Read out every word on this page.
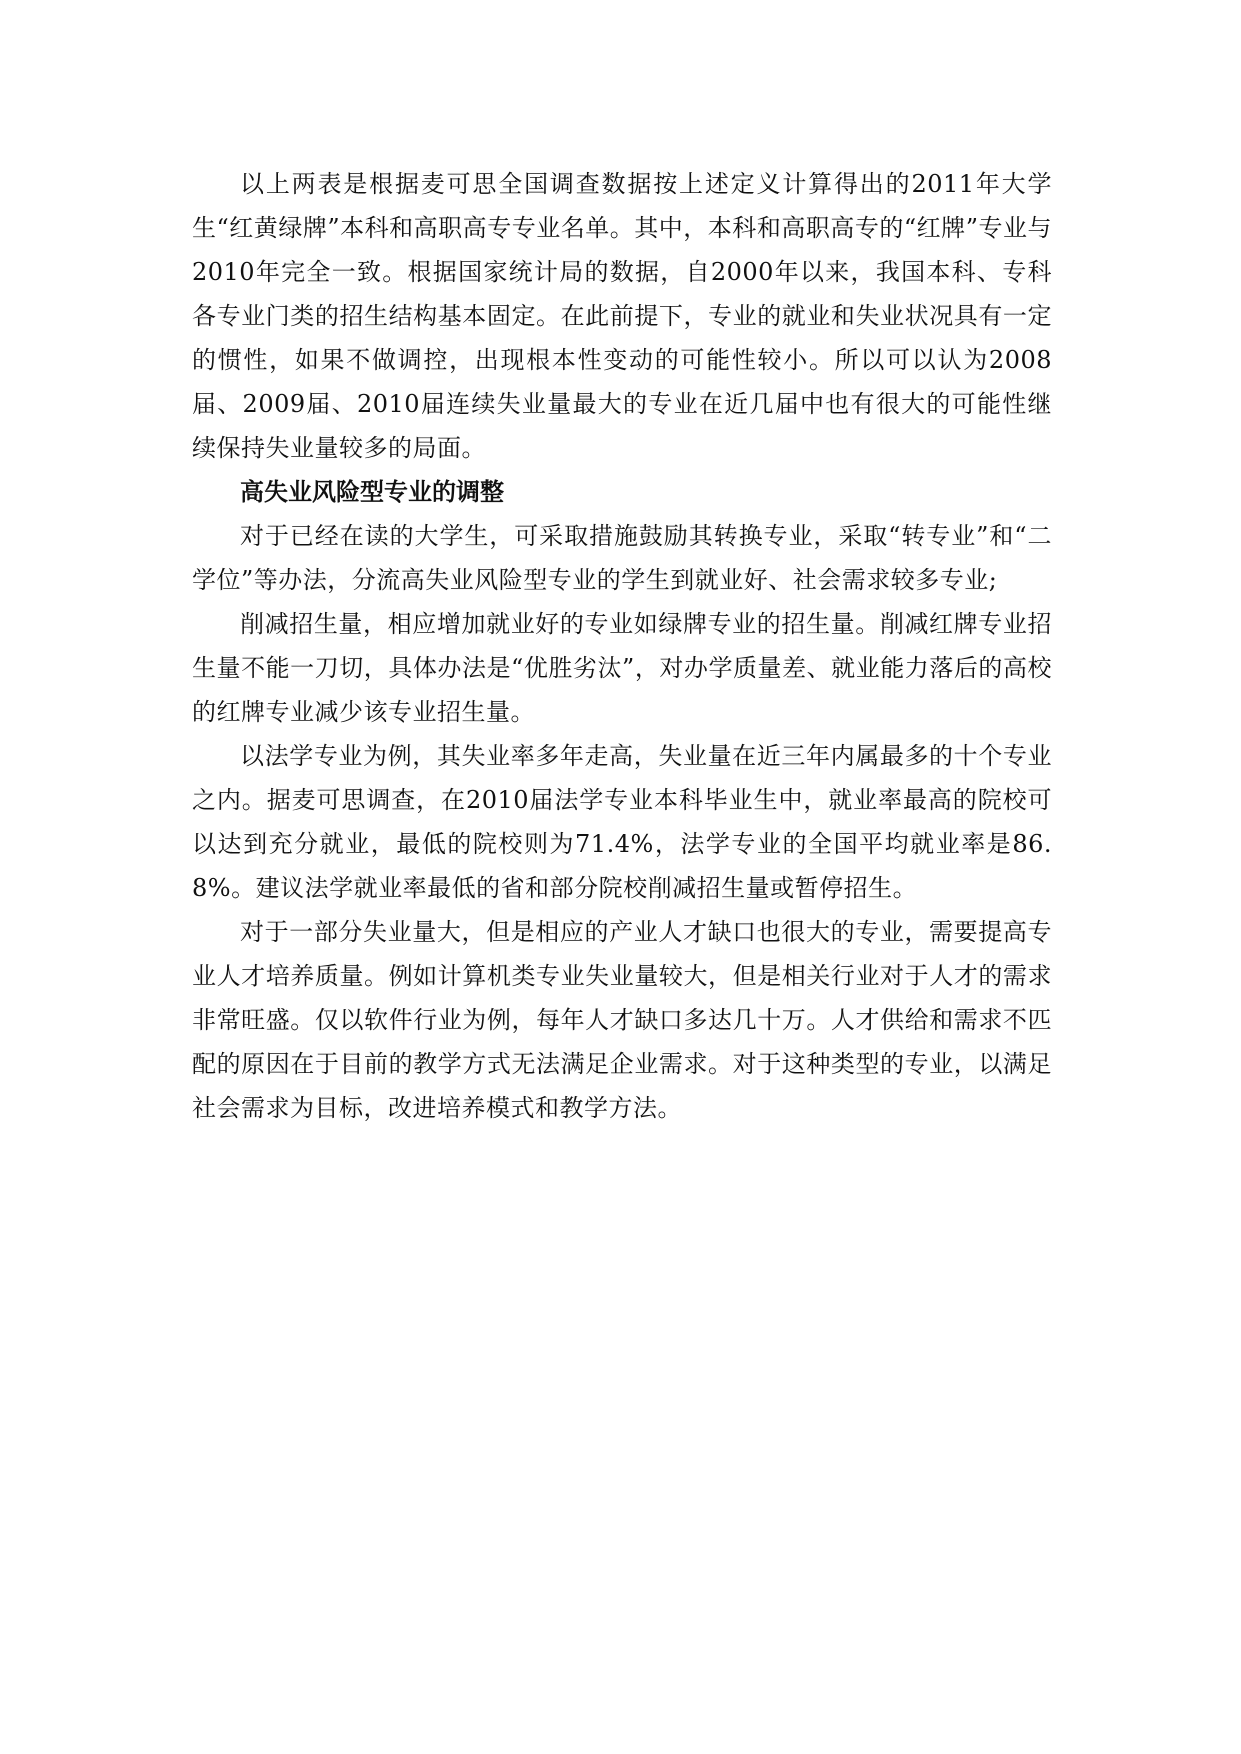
以上两表是根据麦可思全国调查数据按上述定义计算得出的2011年大学生“红黄绿牌”本科和高职高专专业名单。其中，本科和高职高专的“红牌”专业与2010年完全一致。根据国家统计局的数据，自2000年以来，我国本科、专科各专业门类的招生结构基本固定。在此前提下，专业的就业和失业状况具有一定的惯性，如果不做调控，出现根本性变动的可能性较小。所以可以认为2008届、2009届、2010届连续失业量最大的专业在近几届中也有很大的可能性继续保持失业量较多的局面。

高失业风险型专业的调整

对于已经在读的大学生，可采取措施鼓励其转换专业，采取“转专业”和“二学位”等办法，分流高失业风险型专业的学生到就业好、社会需求较多专业;

削减招生量，相应增加就业好的专业如绿牌专业的招生量。削减红牌专业招生量不能一刀切，具体办法是“优胜劣汰”，对办学质量差、就业能力落后的高校的红牌专业减少该专业招生量。

以法学专业为例，其失业率多年走高，失业量在近三年内属最多的十个专业之内。据麦可思调查，在2010届法学专业本科毕业生中，就业率最高的院校可以达到充分就业，最低的院校则为71.4%，法学专业的全国平均就业率是86.8%。建议法学就业率最低的省和部分院校削减招生量或暂停招生。

对于一部分失业量大，但是相应的产业人才缺口也很大的专业，需要提高专业人才培养质量。例如计算机类专业失业量较大，但是相关行业对于人才的需求非常旺盛。仅以软件行业为例，每年人才缺口多达几十万。人才供给和需求不匹配的原因在于目前的教学方式无法满足企业需求。对于这种类型的专业，以满足社会需求为目标，改进培养模式和教学方法。
